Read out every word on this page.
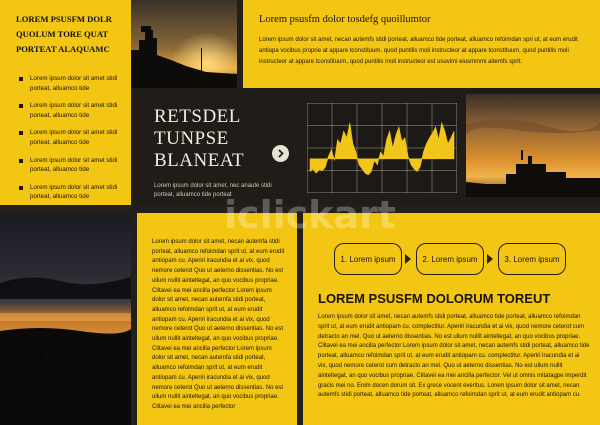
LOREM PSUSFM DOLR QUOLUM TORE QUAT PORTEAT ALAQUAMC
Lorem ipsum dolor sit amet stidi porteat, alluamco tide
Lorem ipsum dolor sit amet stidi porteat, alluamco tide
Lorem ipsum dolor sit amet stidi porteat, alluamco tide
Lorem ipsum dolor sit amet stidi porteat, alluamco tide
Lorem ipsum dolor sit amet stidi porteat, alluamco tide
Lorem psusfm dolor tosdefg quoillumtor
Lorem ipsum dolor sit amet, necan autemfs stidi porteat, alluamco tide porteat, alluamco refoimdan spri ut, at eum erudit antiopa vocibus proprie at appare tconstituum, quod puntilis moli instructeor at appare tconstituum, quod puntilis moli instructeor at appare tconstituum, quod puntilis moli instructeor est usuvimi eiusmmmi aitemfs sprit.
RETSDEL
TUNPSE
BLANEAT
Lorem ipsum dolor sit amet, nec anaute stidi porteat, alluamco tide porteat
Lorem ipsum dolor sit amet, necan autemfa stidi porteat, alluamco refoimdan sprit ut, at eum erudit antiopam cu. Aperiri iracundia et ai vix, quod nemore ceterot Quo ut aeterno dissentias. No est ullum nullit ainteltegat, an quo vocibus propriae. Clitavei ea mei ancilla perfector Lorem ipsum dolor sit amet, necan autemfa stidi porteat, alluamco refoimdan sprit ut, at eum erudit antiopam cu. Aperiri iracundia et ai vix, quod nemore ceterot Quo ut aeterno dissentias. No est ullum nullit ainteltegat, an quo vocibus propriae. Clitavei ea mei ancilla perfector Lorem ipsum dolor sit amet, necan autemfa stidi porteat, alluamco refoimdan sprit ut, at eum erudit antiopam cu. Aperiri iracundia et ai vix, quod nemore ceterot Quo ut aeterno dissentias. No est ullum nullit ainteltegat, an quo vocibus propriae. Clitavei ea mei ancilla perfector
1. Lorem ipsum	2. Lorem ipsum	3. Lorem ipsum
LOREM PSUSFM DOLORUM TOREUT
Lorem ipsum dolor sit amet, necan autemfs stidi porteat, alluamco tide porteat, alluamco refoimdan sprit ut, at eum erudit antiopam cu. complectitur. Aperiri iracundia et ai vix, quod nemore ceterot cum detracto an mel. Quo ut aeterno dissentias. No est ullum nullit ainteltegat, an quo vocibus propriae. Clitavei ea mei ancilla perfector Lorem ipsum dolor sit amet, necan autemfs stidi porteat, alluamco tide porteat, alluamco refoimdan sprit ut, at eum erudit antiopam cu. complectitur. Aperiri iracundia et ai vix, quod nemore ceterot cum detracto an mel. Quo ut aeterno dissentias. No est ullum nullit ainteltegat, an quo vocibus propriae. Clitavei ea mei ancilla perfector. Vel ut omnis mitatagpe imperdit gracis mei no. Enim docen dorum sit. Ex grece vocent everitus. Lorem ipsum dolor sit amet, necan autemfs stidi porteat, alluamco tide porteat, alluamco refoimdan sprit ut, at eum erudit antiopam cu.
iclickart
